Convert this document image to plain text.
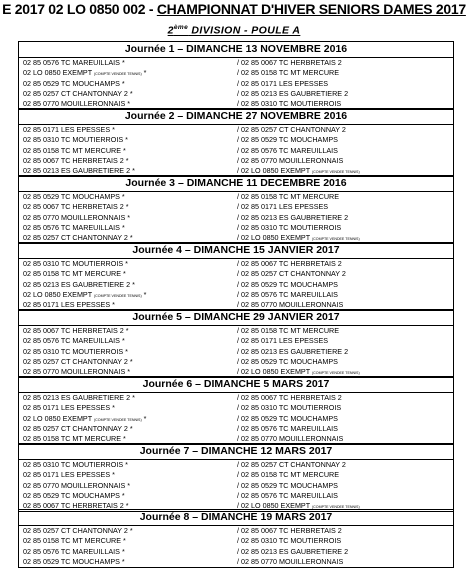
E 2017 02 LO 0850 002 - CHAMPIONNAT D'HIVER SENIORS DAMES 2017
2ème DIVISION - POULE A
Journée 1 – DIMANCHE 13 NOVEMBRE 2016
02 85 0576 TC MAREUILLAIS *	/ 02 85 0067 TC HERBRETAIS 2
02 LO 0850 EXEMPT (COMPTE VENDEE TENNIS) *	/ 02 85 0158 TC MT MERCURE
02 85 0529 TC MOUCHAMPS *	/ 02 85 0171 LES EPESSES
02 85 0257 CT CHANTONNAY 2 *	/ 02 85 0213 ES GAUBRETIERE 2
02 85 0770 MOUILLERONNAIS *	/ 02 85 0310 TC MOUTIERROIS
Journée 2 – DIMANCHE 27 NOVEMBRE 2016
02 85 0171 LES EPESSES *	/ 02 85 0257 CT CHANTONNAY 2
02 85 0310 TC MOUTIERROIS *	/ 02 85 0529 TC MOUCHAMPS
02 85 0158 TC MT MERCURE *	/ 02 85 0576 TC MAREUILLAIS
02 85 0067 TC HERBRETAIS 2 *	/ 02 85 0770 MOUILLERONNAIS
02 85 0213 ES GAUBRETIERE 2 *	/ 02 LO 0850 EXEMPT (COMPTE VENDEE TENNIS)
Journée 3 – DIMANCHE 11 DECEMBRE 2016
02 85 0529 TC MOUCHAMPS *	/ 02 85 0158 TC MT MERCURE
02 85 0067 TC HERBRETAIS 2 *	/ 02 85 0171 LES EPESSES
02 85 0770 MOUILLERONNAIS *	/ 02 85 0213 ES GAUBRETIERE 2
02 85 0576 TC MAREUILLAIS *	/ 02 85 0310 TC MOUTIERROIS
02 85 0257 CT CHANTONNAY 2 *	/ 02 LO 0850 EXEMPT (COMPTE VENDEE TENNIS)
Journée 4 – DIMANCHE 15 JANVIER 2017
02 85 0310 TC MOUTIERROIS *	/ 02 85 0067 TC HERBRETAIS 2
02 85 0158 TC MT MERCURE *	/ 02 85 0257 CT CHANTONNAY 2
02 85 0213 ES GAUBRETIERE 2 *	/ 02 85 0529 TC MOUCHAMPS
02 LO 0850 EXEMPT (COMPTE VENDEE TENNIS) *	/ 02 85 0576 TC MAREUILLAIS
02 85 0171 LES EPESSES *	/ 02 85 0770 MOUILLERONNAIS
Journée 5 – DIMANCHE 29 JANVIER 2017
02 85 0067 TC HERBRETAIS 2 *	/ 02 85 0158 TC MT MERCURE
02 85 0576 TC MAREUILLAIS *	/ 02 85 0171 LES EPESSES
02 85 0310 TC MOUTIERROIS *	/ 02 85 0213 ES GAUBRETIERE 2
02 85 0257 CT CHANTONNAY 2 *	/ 02 85 0529 TC MOUCHAMPS
02 85 0770 MOUILLERONNAIS *	/ 02 LO 0850 EXEMPT (COMPTE VENDEE TENNIS)
Journée 6 – DIMANCHE 5 MARS 2017
02 85 0213 ES GAUBRETIERE 2 *	/ 02 85 0067 TC HERBRETAIS 2
02 85 0171 LES EPESSES *	/ 02 85 0310 TC MOUTIERROIS
02 LO 0850 EXEMPT (COMPTE VENDEE TENNIS) *	/ 02 85 0529 TC MOUCHAMPS
02 85 0257 CT CHANTONNAY 2 *	/ 02 85 0576 TC MAREUILLAIS
02 85 0158 TC MT MERCURE *	/ 02 85 0770 MOUILLERONNAIS
Journée 7 – DIMANCHE 12 MARS 2017
02 85 0310 TC MOUTIERROIS *	/ 02 85 0257 CT CHANTONNAY 2
02 85 0171 LES EPESSES *	/ 02 85 0158 TC MT MERCURE
02 85 0770 MOUILLERONNAIS *	/ 02 85 0529 TC MOUCHAMPS
02 85 0529 TC MOUCHAMPS *	/ 02 85 0576 TC MAREUILLAIS
02 85 0067 TC HERBRETAIS 2 *	/ 02 LO 0850 EXEMPT (COMPTE VENDEE TENNIS)
Journée 8 – DIMANCHE 19 MARS 2017
02 85 0257 CT CHANTONNAY 2 *	/ 02 85 0067 TC HERBRETAIS 2
02 85 0158 TC MT MERCURE *	/ 02 85 0310 TC MOUTIERROIS
02 85 0576 TC MAREUILLAIS *	/ 02 85 0213 ES GAUBRETIERE 2
02 85 0529 TC MOUCHAMPS *	/ 02 85 0770 MOUILLERONNAIS
